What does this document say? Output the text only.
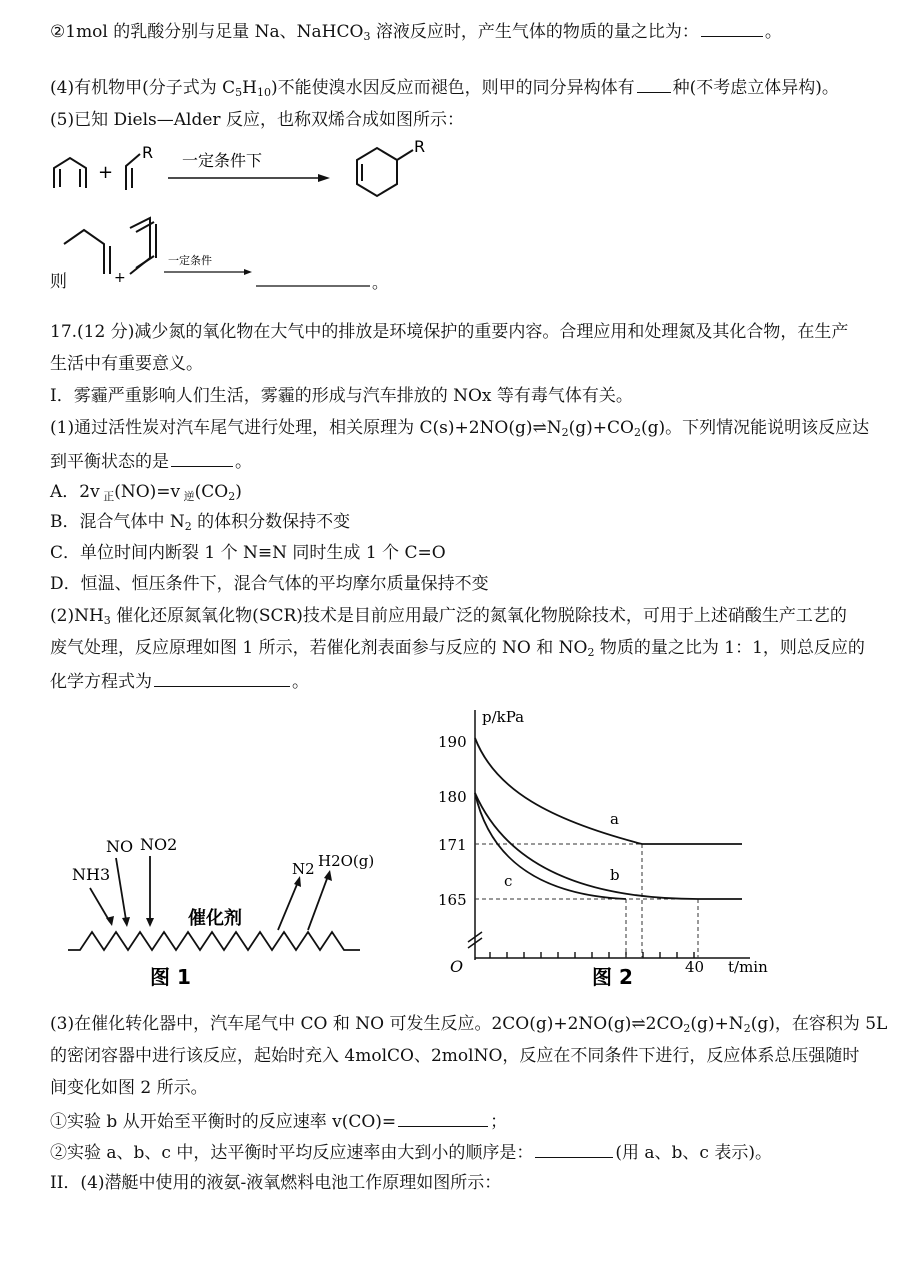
②1mol 的乳酸分别与足量 Na、NaHCO$_3$ 溶液反应时，产生气体的物质的量之比为：	。
(4)有机物甲(分子式为 $C_5H_{10}$)不能使溴水因反应而褪色，则甲的同分异构体有 种(不考虑立体异构)。
(5)已知 Diels—Alder 反应，也称双烯合成如图所示：
+
R 一定条件下
R
则	+
一定条件
。
17.(12 分)减少氮的氧化物在大气中的排放是环境保护的重要内容。合理应用和处理氮及其化合物，在生产
生活中有重要意义。
I．雾霾严重影响人们生活，雾霾的形成与汽车排放的 NOx 等有毒气体有关。
(1)通过活性炭对汽车尾气进行处理，相关原理为 $C(s)+2NO(g)\rightleftharpoons N_2(g)+CO_2(g)$。下列情况能说明该反应达
到平衡状态的是	。
A．2v $_正$(NO)=v $_逆(CO_2)$
B．混合气体中 $N_2$ 的体积分数保持不变
C．单位时间内断裂 1 个 N≡N 同时生成 1 个 C=O
D．恒温、恒压条件下，混合气体的平均摩尔质量保持不变
$(2)NH_3$ 催化还原氮氧化物(SCR)技术是目前应用最广泛的氮氧化物脱除技术，可用于上述硝酸生产工艺的
废气处理，反应原理如图 1 所示，若催化剂表面参与反应的 NO 和 $NO_2$ 物质的量之比为 1：1，则总反应的
化学方程式为	。
NH3
NO NO2
N2 H2O(g)
催化剂
图 1
p/kPa
190
180
171
165
O	40 t/min
a
b
c
图 2
(3)在催化转化器中，汽车尾气中 CO 和 NO 可发生反应。$2CO(g)+2NO(g)\rightleftharpoons 2CO_2(g)+N_2(g)$，在容积为 5L
的密闭容器中进行该反应，起始时充入 4molCO、2molNO，反应在不同条件下进行，反应体系总压强随时
间变化如图 2 所示。
①实验 b 从开始至平衡时的反应速率 v(CO)=	；
②实验 a、b、c 中，达平衡时平均反应速率由大到小的顺序是：	(用 a、b、c 表示)。
II．(4)潜艇中使用的液氨-液氧燃料电池工作原理如图所示：
